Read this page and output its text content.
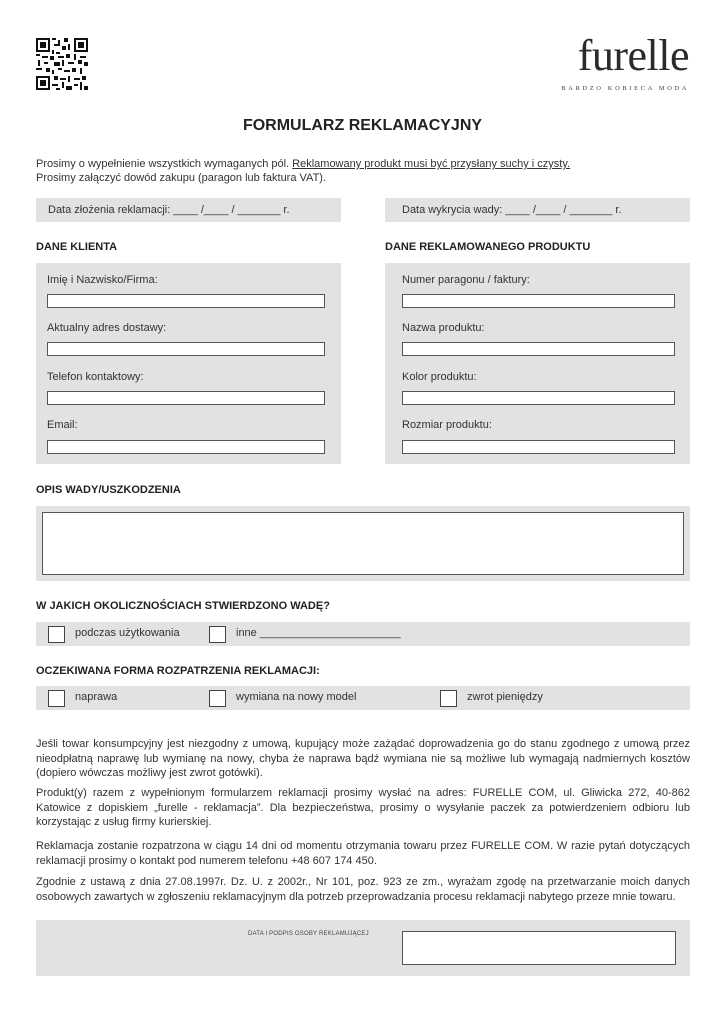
furelle
BARDZO KOBIECA MODA
FORMULARZ REKLAMACYJNY
Prosimy o wypełnienie wszystkich wymaganych pól. Reklamowany produkt musi być przysłany suchy i czysty.
Prosimy załączyć dowód zakupu (paragon lub faktura VAT).
Data złożenia reklamacji: ____ /____ / _______ r.	Data wykrycia wady: ____ /____ / _______ r.
DANE KLIENTA	DANE REKLAMOWANEGO PRODUKTU
Imię i Nazwisko/Firma:
Aktualny adres dostawy:
Telefon kontaktowy:
Email:
Numer paragonu / faktury:
Nazwa produktu:
Kolor produktu:
Rozmiar produktu:
OPIS WADY/USZKODZENIA
W JAKICH OKOLICZNOŚCIACH STWIERDZONO WADĘ?
podczas użytkowania	inne _______________________
OCZEKIWANA FORMA ROZPATRZENIA REKLAMACJI:
naprawa	wymiana na nowy model	zwrot pieniędzy
Jeśli towar konsumpcyjny jest niezgodny z umową, kupujący może zażądać doprowadzenia go do stanu zgodnego z umową przez nieodpłatną naprawę lub wymianę na nowy, chyba że naprawa bądź wymiana nie są możliwe lub wymagają nadmiernych kosztów (dopiero wówczas możliwy jest zwrot gotówki).
Produkt(y) razem z wypełnionym formularzem reklamacji prosimy wysłać na adres: FURELLE COM, ul. Gliwicka 272, 40-862 Katowice z dopiskiem „furelle - reklamacja”. Dla bezpieczeństwa, prosimy o wysyłanie paczek za potwierdzeniem odbioru lub korzystając z usług firmy kurierskiej.
Reklamacja zostanie rozpatrzona w ciągu 14 dni od momentu otrzymania towaru przez FURELLE COM. W razie pytań dotyczących reklamacji prosimy o kontakt pod numerem telefonu +48 607 174 450.
Zgodnie z ustawą z dnia 27.08.1997r. Dz. U. z 2002r., Nr 101, poz. 923 ze zm., wyrażam zgodę na przetwarzanie moich danych osobowych zawartych w zgłoszeniu reklamacyjnym dla potrzeb przeprowadzania procesu reklamacji nabytego przeze mnie towaru.
DATA I PODPIS OSOBY REKLAMUJĄCEJ
